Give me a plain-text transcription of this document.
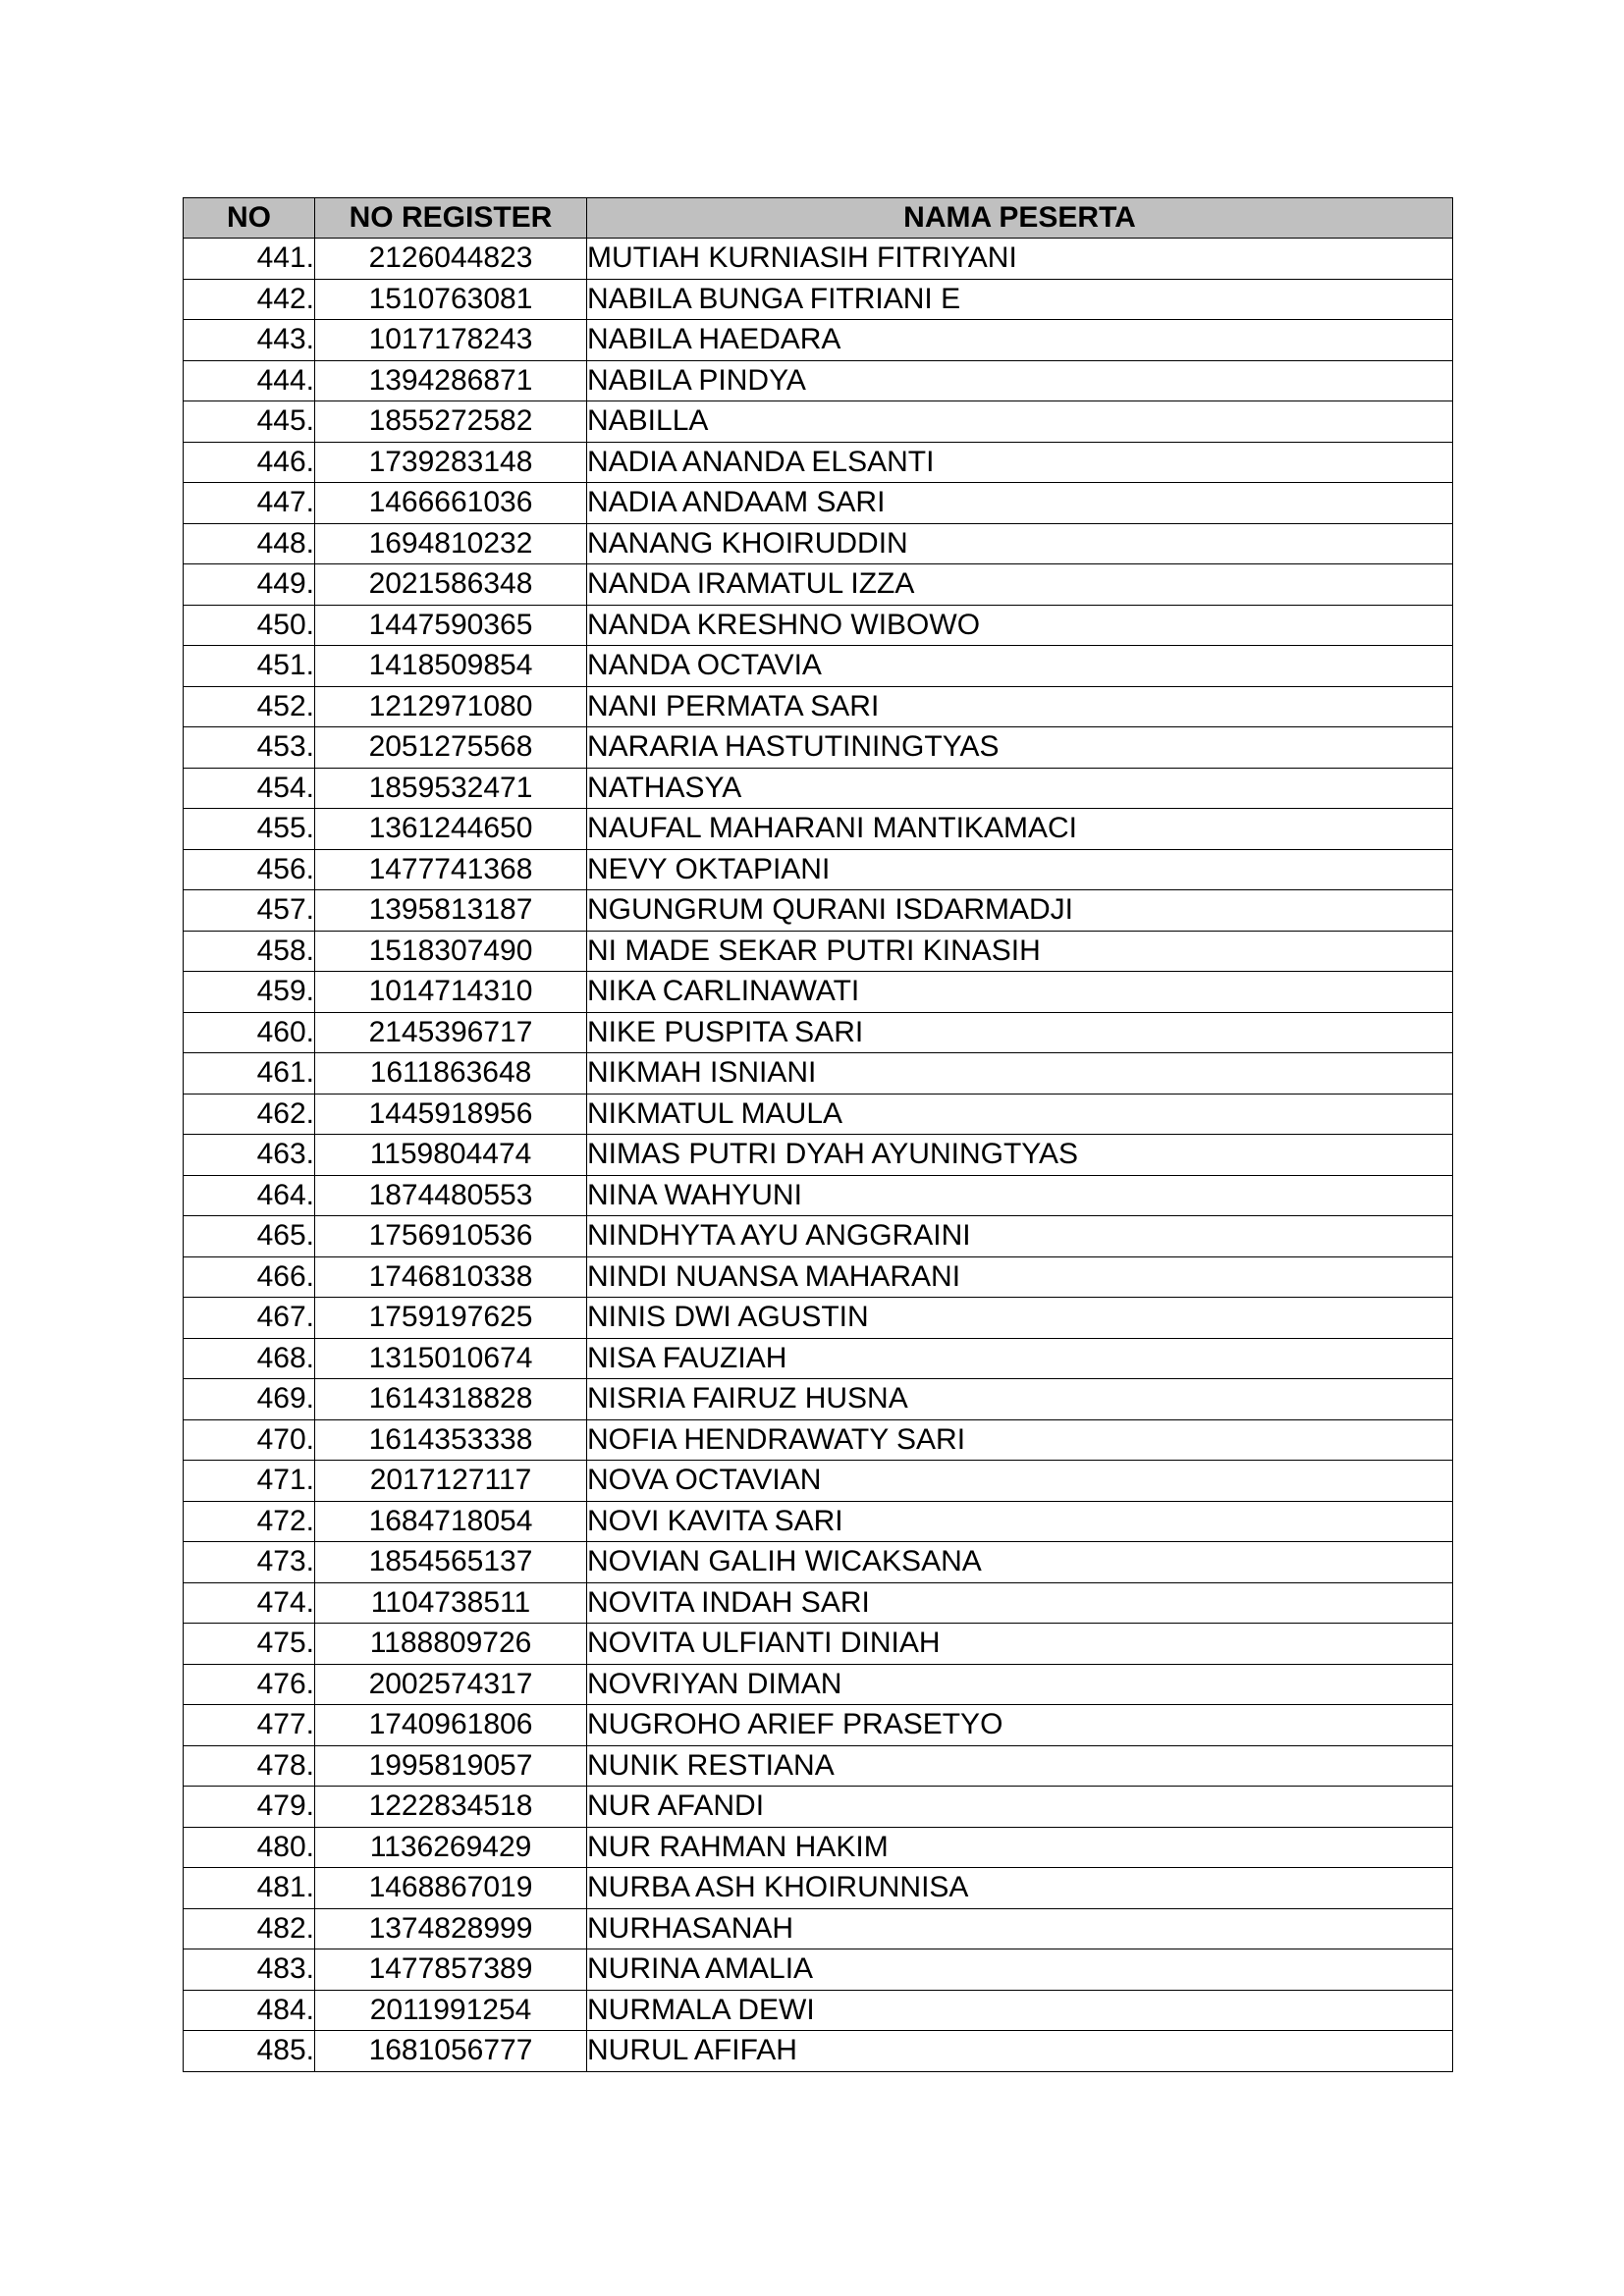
NO	NO REGISTER	NAMA PESERTA
441.	2126044823	MUTIAH KURNIASIH FITRIYANI
442.	1510763081	NABILA BUNGA FITRIANI E
443.	1017178243	NABILA HAEDARA
444.	1394286871	NABILA PINDYA
445.	1855272582	NABILLA
446.	1739283148	NADIA ANANDA ELSANTI
447.	1466661036	NADIA ANDAAM SARI
448.	1694810232	NANANG KHOIRUDDIN
449.	2021586348	NANDA IRAMATUL IZZA
450.	1447590365	NANDA KRESHNO WIBOWO
451.	1418509854	NANDA OCTAVIA
452.	1212971080	NANI PERMATA SARI
453.	2051275568	NARARIA HASTUTININGTYAS
454.	1859532471	NATHASYA
455.	1361244650	NAUFAL MAHARANI MANTIKAMACI
456.	1477741368	NEVY OKTAPIANI
457.	1395813187	NGUNGRUM QURANI ISDARMADJI
458.	1518307490	NI MADE SEKAR PUTRI KINASIH
459.	1014714310	NIKA CARLINAWATI
460.	2145396717	NIKE PUSPITA SARI
461.	1611863648	NIKMAH ISNIANI
462.	1445918956	NIKMATUL MAULA
463.	1159804474	NIMAS PUTRI DYAH AYUNINGTYAS
464.	1874480553	NINA WAHYUNI
465.	1756910536	NINDHYTA AYU ANGGRAINI
466.	1746810338	NINDI NUANSA MAHARANI
467.	1759197625	NINIS DWI AGUSTIN
468.	1315010674	NISA FAUZIAH
469.	1614318828	NISRIA FAIRUZ HUSNA
470.	1614353338	NOFIA HENDRAWATY SARI
471.	2017127117	NOVA OCTAVIAN
472.	1684718054	NOVI KAVITA SARI
473.	1854565137	NOVIAN GALIH WICAKSANA
474.	1104738511	NOVITA INDAH SARI
475.	1188809726	NOVITA ULFIANTI DINIAH
476.	2002574317	NOVRIYAN DIMAN
477.	1740961806	NUGROHO ARIEF PRASETYO
478.	1995819057	NUNIK RESTIANA
479.	1222834518	NUR AFANDI
480.	1136269429	NUR RAHMAN HAKIM
481.	1468867019	NURBA ASH KHOIRUNNISA
482.	1374828999	NURHASANAH
483.	1477857389	NURINA AMALIA
484.	2011991254	NURMALA DEWI
485.	1681056777	NURUL AFIFAH
